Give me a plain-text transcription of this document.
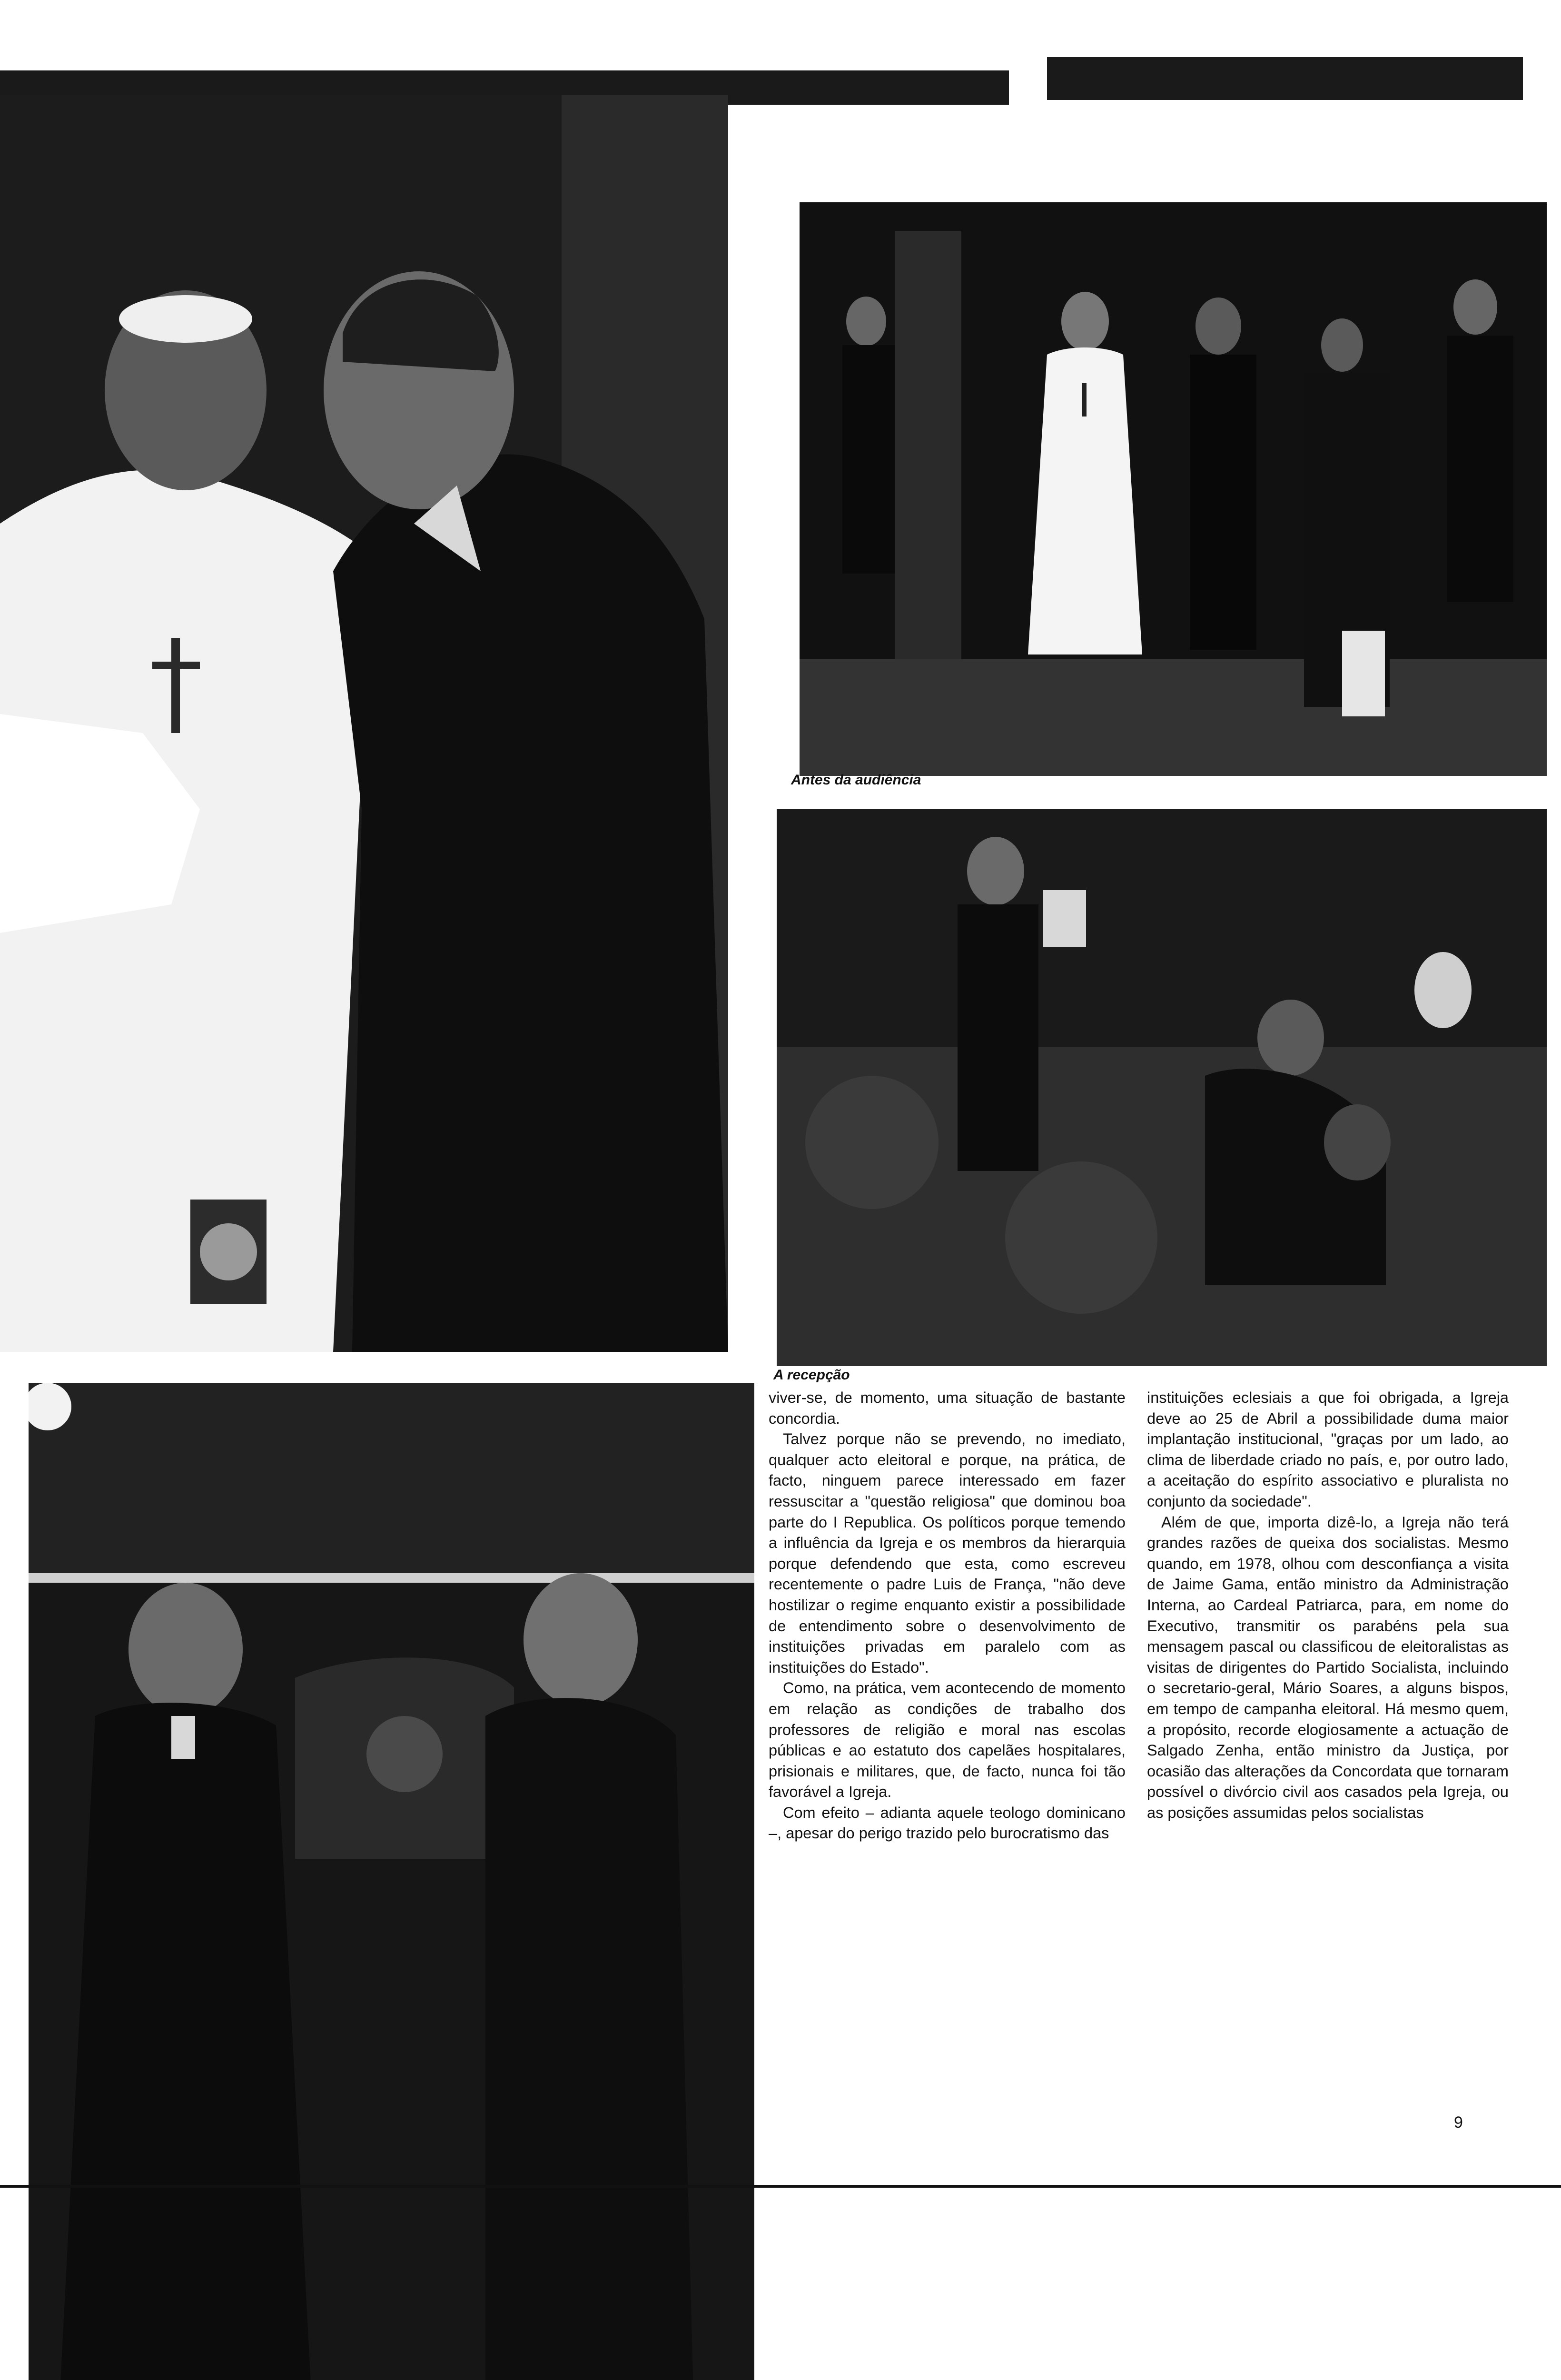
Antes da audiência
A recepção

viver-se, de momento, uma situação de bastante concordia.

Talvez porque não se prevendo, no imediato, qualquer acto eleitoral e porque, na prática, de facto, ninguem parece interessado em fazer ressuscitar a "questão religiosa" que dominou boa parte do I Republica. Os políticos porque temendo a influência da Igreja e os membros da hierarquia porque defendendo que esta, como escreveu recentemente o padre Luis de França, "não deve hostilizar o regime enquanto existir a possibilidade de entendimento sobre o desenvolvimento de instituições privadas em paralelo com as instituições do Estado".

Como, na prática, vem acontecendo de momento em relação as condições de trabalho dos professores de religião e moral nas escolas públicas e ao estatuto dos capelães hospitalares, prisionais e militares, que, de facto, nunca foi tão favorável a Igreja.

Com efeito – adianta aquele teologo dominicano –, apesar do perigo trazido pelo burocratismo das

instituições eclesiais a que foi obrigada, a Igreja deve ao 25 de Abril a possibilidade duma maior implantação institucional, "graças por um lado, ao clima de liberdade criado no país, e, por outro lado, a aceitação do espírito associativo e pluralista no conjunto da sociedade".

Além de que, importa dizê-lo, a Igreja não terá grandes razões de queixa dos socialistas. Mesmo quando, em 1978, olhou com desconfiança a visita de Jaime Gama, então ministro da Administração Interna, ao Cardeal Patriarca, para, em nome do Executivo, transmitir os parabéns pela sua mensagem pascal ou classificou de eleitoralistas as visitas de dirigentes do Partido Socialista, incluindo o secretario-geral, Mário Soares, a alguns bispos, em tempo de campanha eleitoral. Há mesmo quem, a propósito, recorde elogiosamente a actuação de Salgado Zenha, então ministro da Justiça, por ocasião das alterações da Concordata que tornaram possível o divórcio civil aos casados pela Igreja, ou as posições assumidas pelos socialistas

9
